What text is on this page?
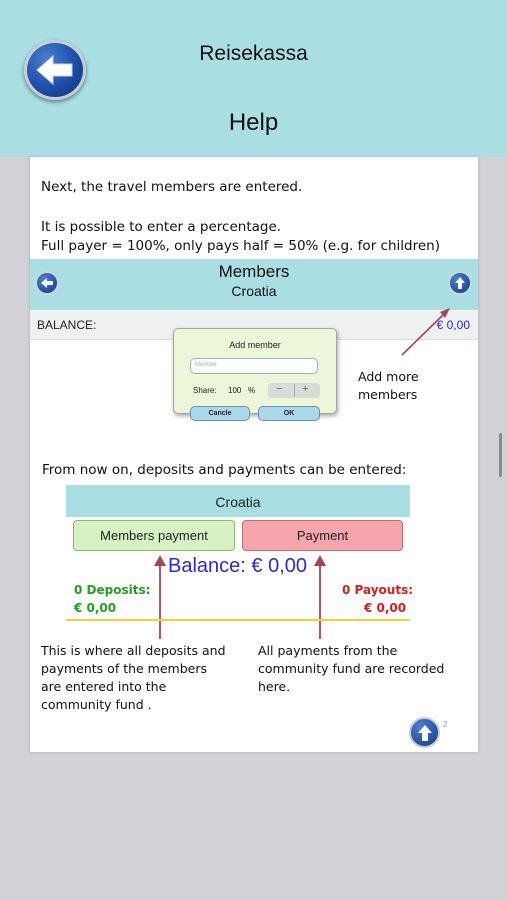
Reisekassa
Help
Next, the travel members are entered.
It is possible to enter a percentage.
Full payer = 100%, only pays half = 50% (e.g. for children)
Members
Croatia
BALANCE:	€ 0,00
Add member
Member
Share: 100 % − +
Cancle	OK
Add more
members
From now on, deposits and payments can be entered:
Croatia
Members payment	Payment
Balance: € 0,00
0 Deposits:
€ 0,00
0 Payouts:
€ 0,00
This is where all deposits and
payments of the members
are entered into the
community fund .
All payments from the
community fund are recorded
here.
2
